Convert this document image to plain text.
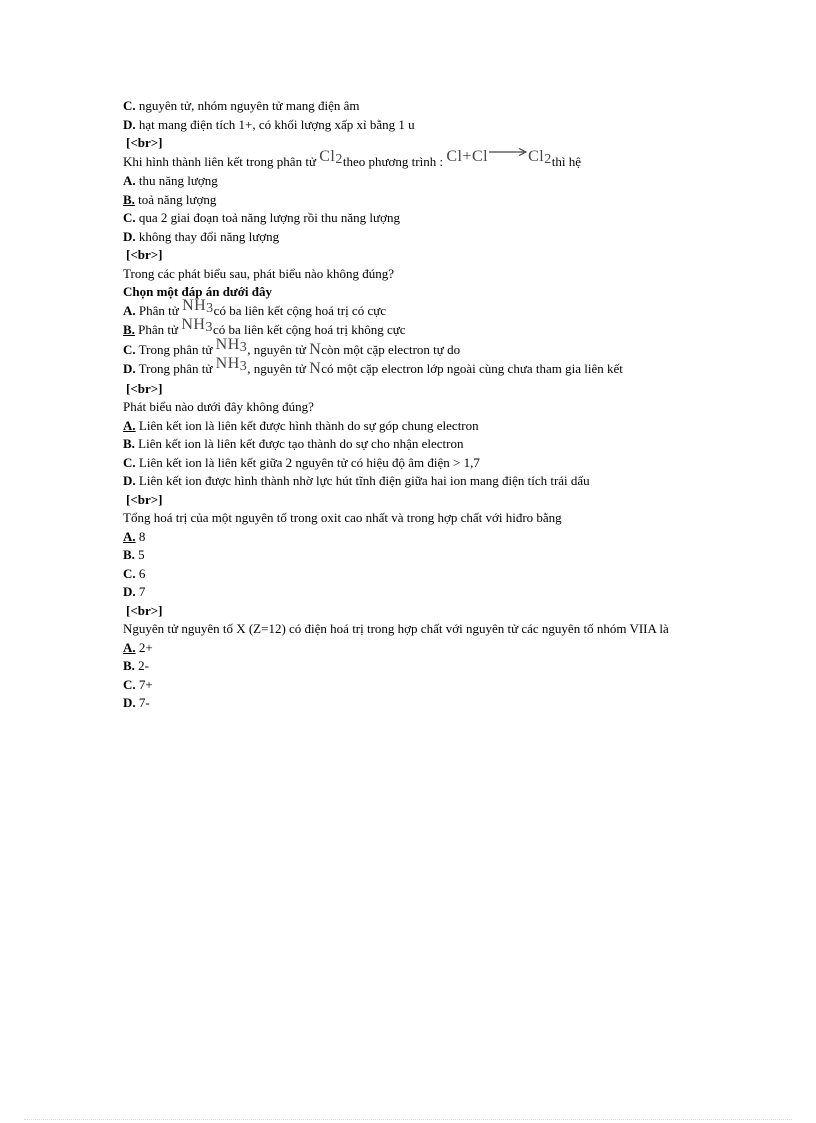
C. nguyên tử, nhóm nguyên tử mang điện âm
D. hạt mang điện tích 1+, có khối lượng xấp xỉ bằng 1 u
[<br>]
Khi hình thành liên kết trong phân tử Cl2theo phương trình : Cl+Cl→Cl2thì hệ
A. thu năng lượng
B. toả năng lượng
C. qua 2 giai đoạn toả năng lượng rồi thu năng lượng
D. không thay đổi năng lượng
[<br>]
Trong các phát biểu sau, phát biểu nào không đúng?
Chọn một đáp án dưới đây
A. Phân tử NH3có ba liên kết cộng hoá trị có cực
B. Phân tử NH3có ba liên kết cộng hoá trị không cực
C. Trong phân tử NH3, nguyên tử Ncòn một cặp electron tự do
D. Trong phân tử NH3, nguyên tử Ncó một cặp electron lớp ngoài cùng chưa tham gia liên kết
[<br>]
Phát biểu nào dưới đây không đúng?
A. Liên kết ion là liên kết được hình thành do sự góp chung electron
B. Liên kết ion là liên kết được tạo thành do sự cho nhận electron
C. Liên kết ion là liên kết giữa 2 nguyên tử có hiệu độ âm điện > 1,7
D. Liên kết ion được hình thành nhờ lực hút tĩnh điện giữa hai ion mang điện tích trái dấu
[<br>]
Tổng hoá trị của một nguyên tố trong oxit cao nhất và trong hợp chất với hiđro bằng
A. 8
B. 5
C. 6
D. 7
[<br>]
Nguyên tử nguyên tố X (Z=12) có điện hoá trị trong hợp chất với nguyên tử các nguyên tố nhóm VIIA là
A. 2+
B. 2-
C. 7+
D. 7-
